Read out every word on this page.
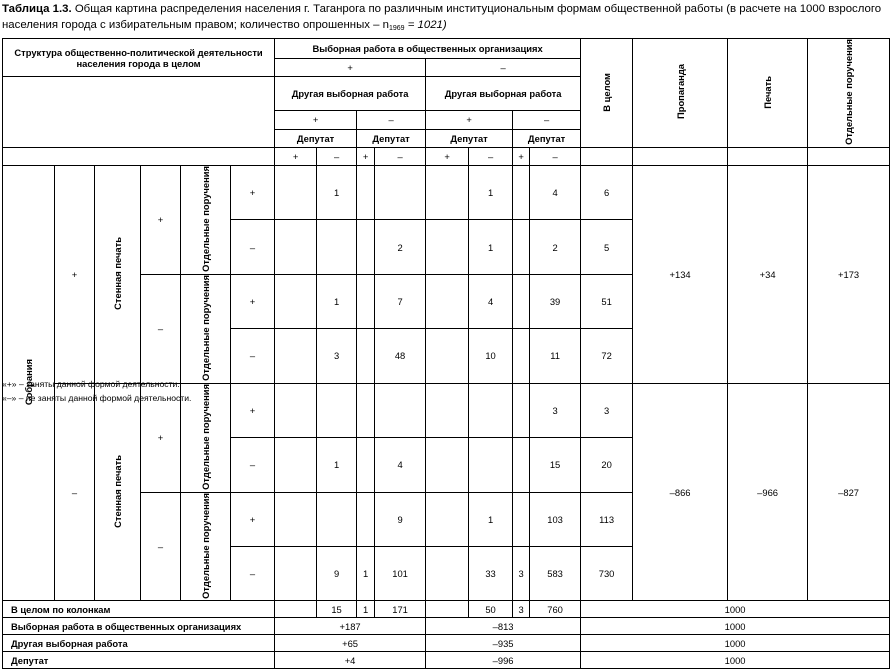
Таблица 1.3. Общая картина распределения населения г. Таганрога по различным институциональным формам общественной работы (в расчете на 1000 взрослого населения города с избирательным правом; количество опрошенных – $n_{1969} = 1021$)
Структура общественно-политической деятельности населения города в целом						Выборная работа в общественных организациях								В целом	Пропаганда	Печать	Отдельные поручения
						+				–							
						Другая выборная работа				Другая выборная работа							
						+		–		+		–					
						Депутат		Депутат		Депутат		Депутат					
						+	–	+	–	+	–	+	–				
Собрания	+	Стенная печать	+	Отдельные поручения	+		1				1		4	6	+134	+34	+173
					–				2		1		2	5			
			–	Отдельные поручения	+		1		7		4		39	51			
					–		3		48		10		11	72			
	–	Стенная печать	+	Отдельные поручения	+								3	3	–866	–966	–827
					–		1		4				15	20			
			–	Отдельные поручения	+				9		1		103	113			
					–		9	1	101		33	3	583	730			
В целом по колонкам							15	1	171		50	3	760	1000			
Выборная работа в общественных организациях						+187				–813				1000			
Другая выборная работа						+65				–935				1000			
Депутат						+4				–996				1000			
«+» – заняты данной формой деятельности.
«–» – не заняты данной формой деятельности.
